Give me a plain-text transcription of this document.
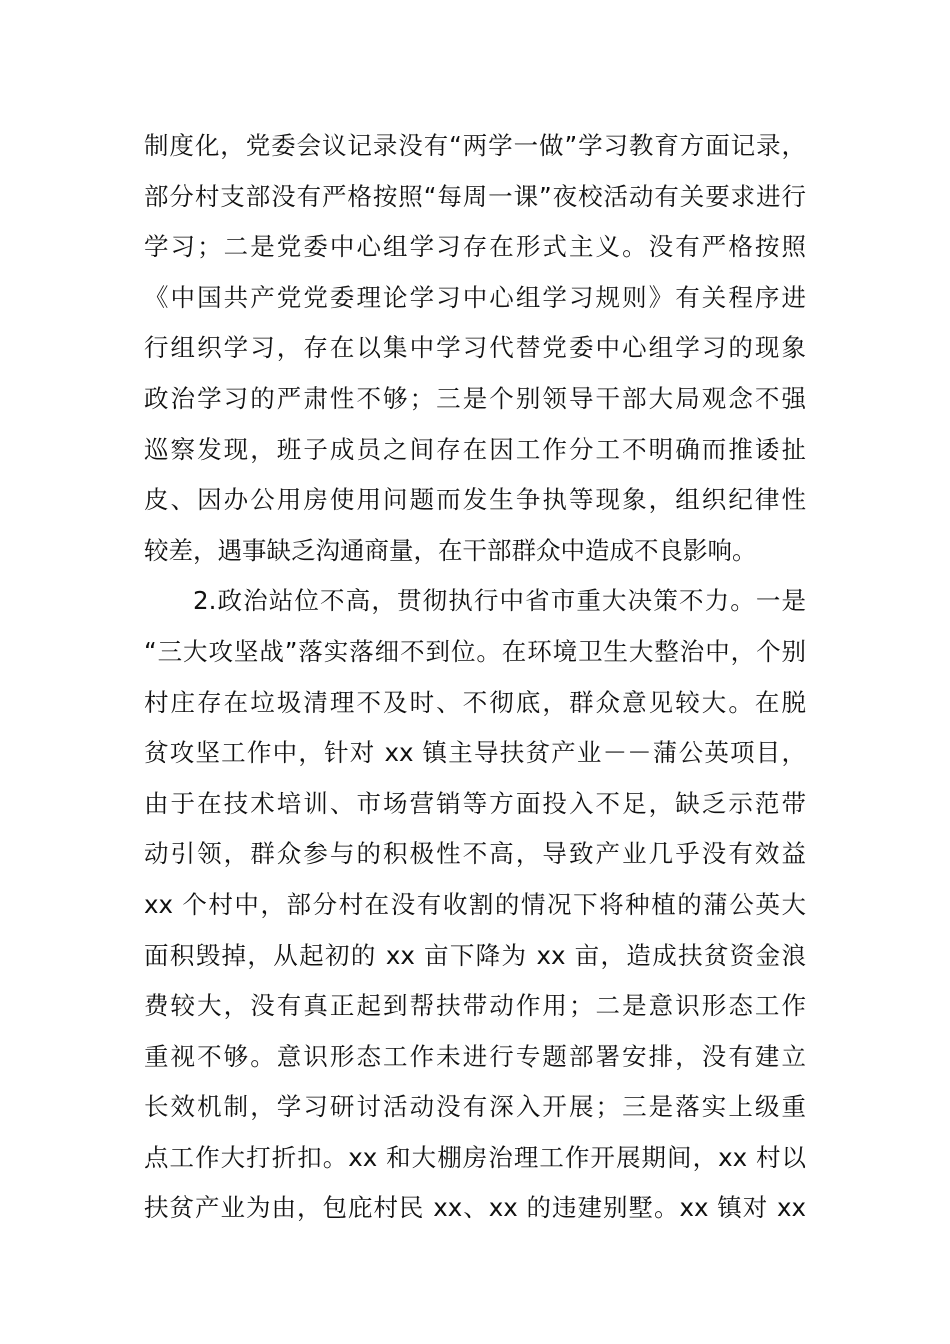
制度化，党委会议记录没有“两学一做”学习教育方面记录，
部分村支部没有严格按照“每周一课”夜校活动有关要求进行
学习；二是党委中心组学习存在形式主义。没有严格按照
《中国共产党党委理论学习中心组学习规则》有关程序进
行组织学习，存在以集中学习代替党委中心组学习的现象
政治学习的严肃性不够；三是个别领导干部大局观念不强
巡察发现，班子成员之间存在因工作分工不明确而推诿扯
皮、因办公用房使用问题而发生争执等现象，组织纪律性
较差，遇事缺乏沟通商量，在干部群众中造成不良影响。
2.政治站位不高，贯彻执行中省市重大决策不力。一是
“三大攻坚战”落实落细不到位。在环境卫生大整治中，个别
村庄存在垃圾清理不及时、不彻底，群众意见较大。在脱
贫攻坚工作中，针对 xx 镇主导扶贫产业－－蒲公英项目，
由于在技术培训、市场营销等方面投入不足，缺乏示范带
动引领，群众参与的积极性不高，导致产业几乎没有效益
xx 个村中，部分村在没有收割的情况下将种植的蒲公英大
面积毁掉，从起初的 xx 亩下降为 xx 亩，造成扶贫资金浪
费较大，没有真正起到帮扶带动作用；二是意识形态工作
重视不够。意识形态工作未进行专题部署安排，没有建立
长效机制，学习研讨活动没有深入开展；三是落实上级重
点工作大打折扣。xx 和大棚房治理工作开展期间，xx 村以
扶贫产业为由，包庇村民 xx、xx 的违建别墅。xx 镇对 xx
